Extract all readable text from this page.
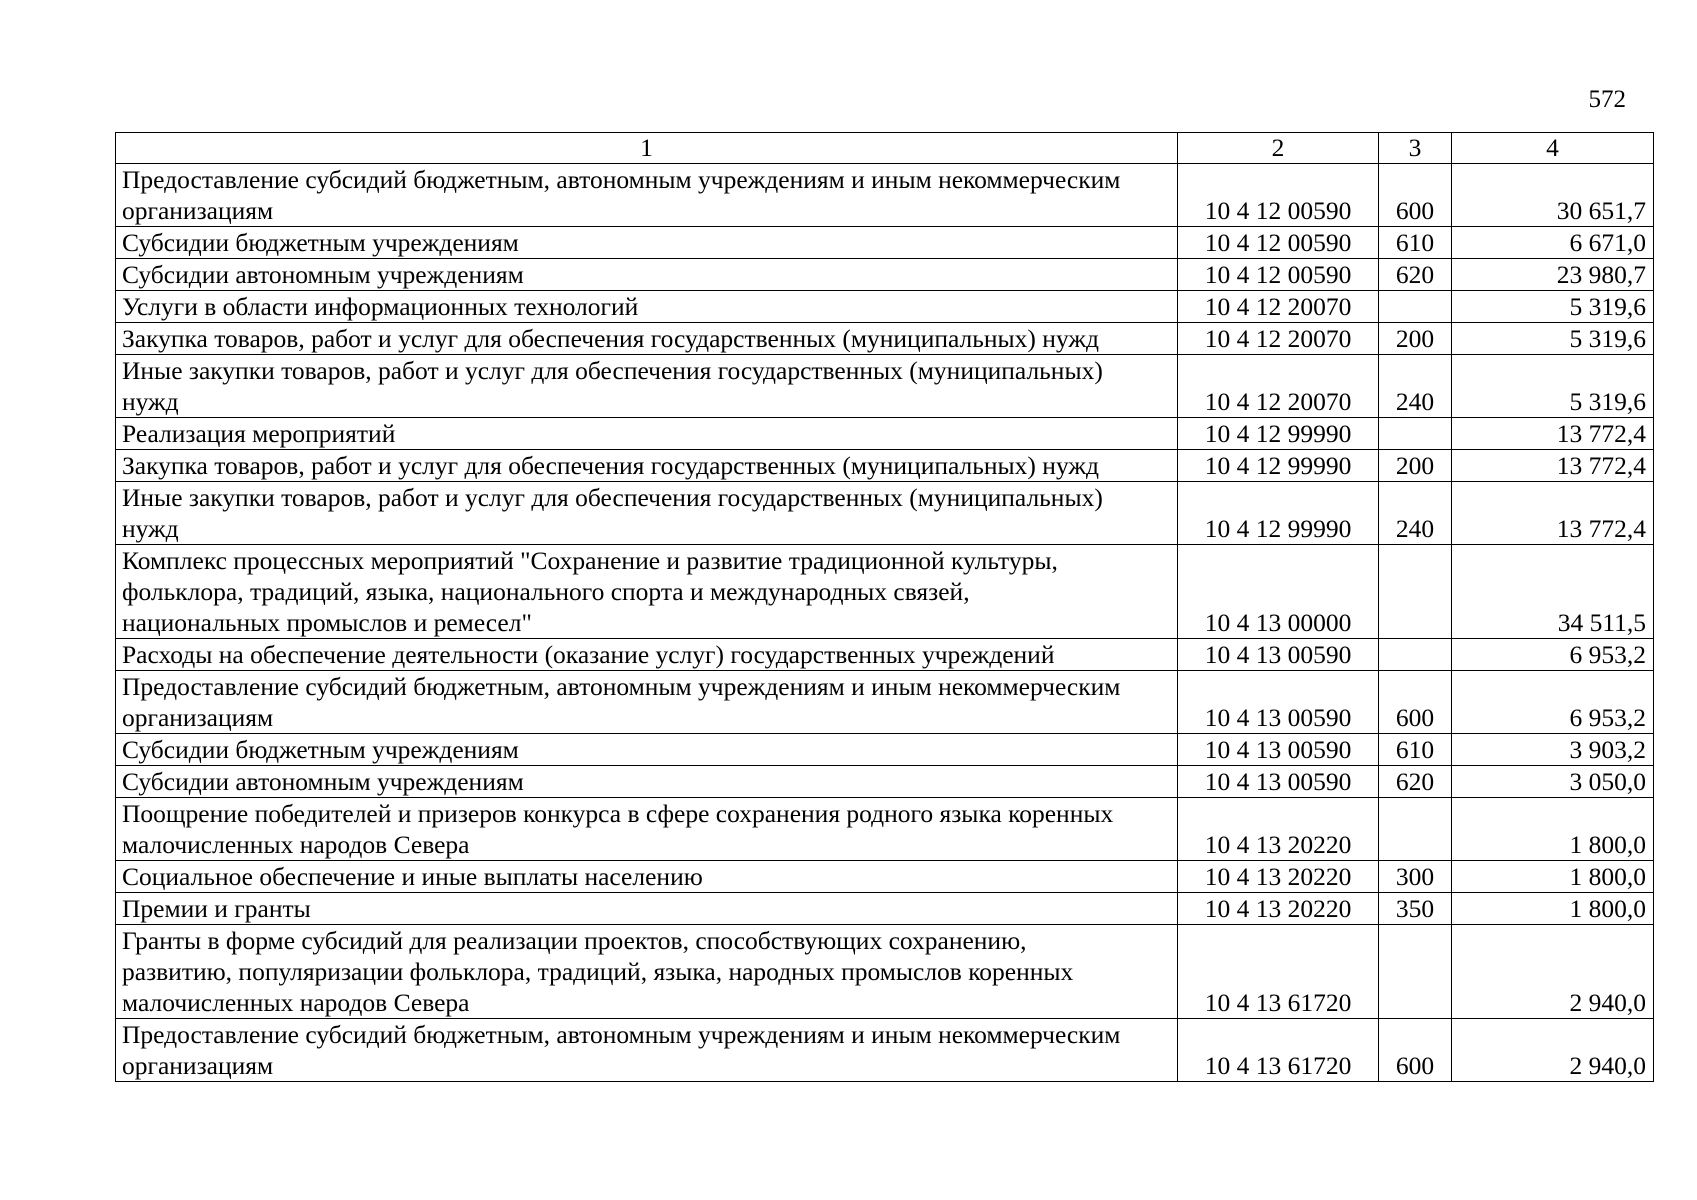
572
1	2	3	4

Предоставление субсидий бюджетным, автономным учреждениям и иным некоммерческим
организациям	10 4 12 00590	600	30 651,7

Субсидии бюджетным учреждениям	10 4 12 00590	610	6 671,0

Субсидии автономным учреждениям	10 4 12 00590	620	23 980,7

Услуги в области информационных технологий	10 4 12 20070		5 319,6

Закупка товаров, работ и услуг для обеспечения государственных (муниципальных) нужд	10 4 12 20070	200	5 319,6

Иные закупки товаров, работ и услуг для обеспечения государственных (муниципальных)
нужд	10 4 12 20070	240	5 319,6

Реализация мероприятий	10 4 12 99990		13 772,4

Закупка товаров, работ и услуг для обеспечения государственных (муниципальных) нужд	10 4 12 99990	200	13 772,4

Иные закупки товаров, работ и услуг для обеспечения государственных (муниципальных)
нужд	10 4 12 99990	240	13 772,4

Комплекс процессных мероприятий "Сохранение и развитие традиционной культуры,
фольклора, традиций, языка, национального спорта и международных связей,
национальных промыслов и ремесел"	10 4 13 00000		34 511,5

Расходы на обеспечение деятельности (оказание услуг) государственных учреждений	10 4 13 00590		6 953,2

Предоставление субсидий бюджетным, автономным учреждениям и иным некоммерческим
организациям	10 4 13 00590	600	6 953,2

Субсидии бюджетным учреждениям	10 4 13 00590	610	3 903,2

Субсидии автономным учреждениям	10 4 13 00590	620	3 050,0

Поощрение победителей и призеров конкурса в сфере сохранения родного языка коренных
малочисленных народов Севера	10 4 13 20220		1 800,0

Социальное обеспечение и иные выплаты населению	10 4 13 20220	300	1 800,0

Премии и гранты	10 4 13 20220	350	1 800,0

Гранты в форме субсидий для реализации проектов, способствующих сохранению,
развитию, популяризации фольклора, традиций, языка, народных промыслов коренных
малочисленных народов Севера	10 4 13 61720		2 940,0

Предоставление субсидий бюджетным, автономным учреждениям и иным некоммерческим
организациям	10 4 13 61720	600	2 940,0
